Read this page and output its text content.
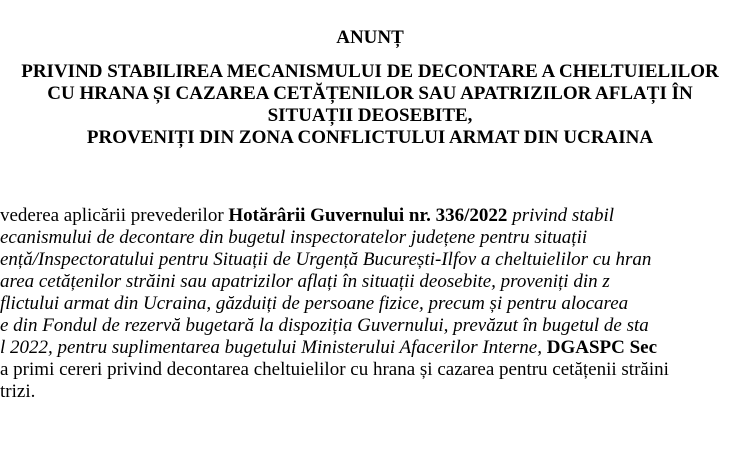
ANUNȚ
PRIVIND STABILIREA MECANISMULUI DE DECONTARE A CHELTUIELILOR
CU HRANA ȘI CAZAREA CETĂȚENILOR SAU APATRIZILOR AFLAȚI ÎN
SITUAȚII DEOSEBITE,
PROVENIȚI DIN ZONA CONFLICTULUI ARMAT DIN UCRAINA
vederea aplicării prevederilor Hotărârii Guvernului nr. 336/2022 privind stabil
ecanismului de decontare din bugetul inspectoratelor județene pentru situații
ențǎ/Inspectoratului pentru Situații de Urgență București-Ilfov a cheltuielilor cu hran
area cetățenilor străini sau apatrizilor aflați în situații deosebite, proveniți din z
flictului armat din Ucraina, găzduiți de persoane fizice, precum și pentru alocarea
e din Fondul de rezervă bugetară la dispoziția Guvernului, prevăzut în bugetul de sta
l 2022, pentru suplimentarea bugetului Ministerului Afacerilor Interne, DGASPC Sec
a primi cereri privind decontarea cheltuielilor cu hrana și cazarea pentru cetățenii străini
trizi.
